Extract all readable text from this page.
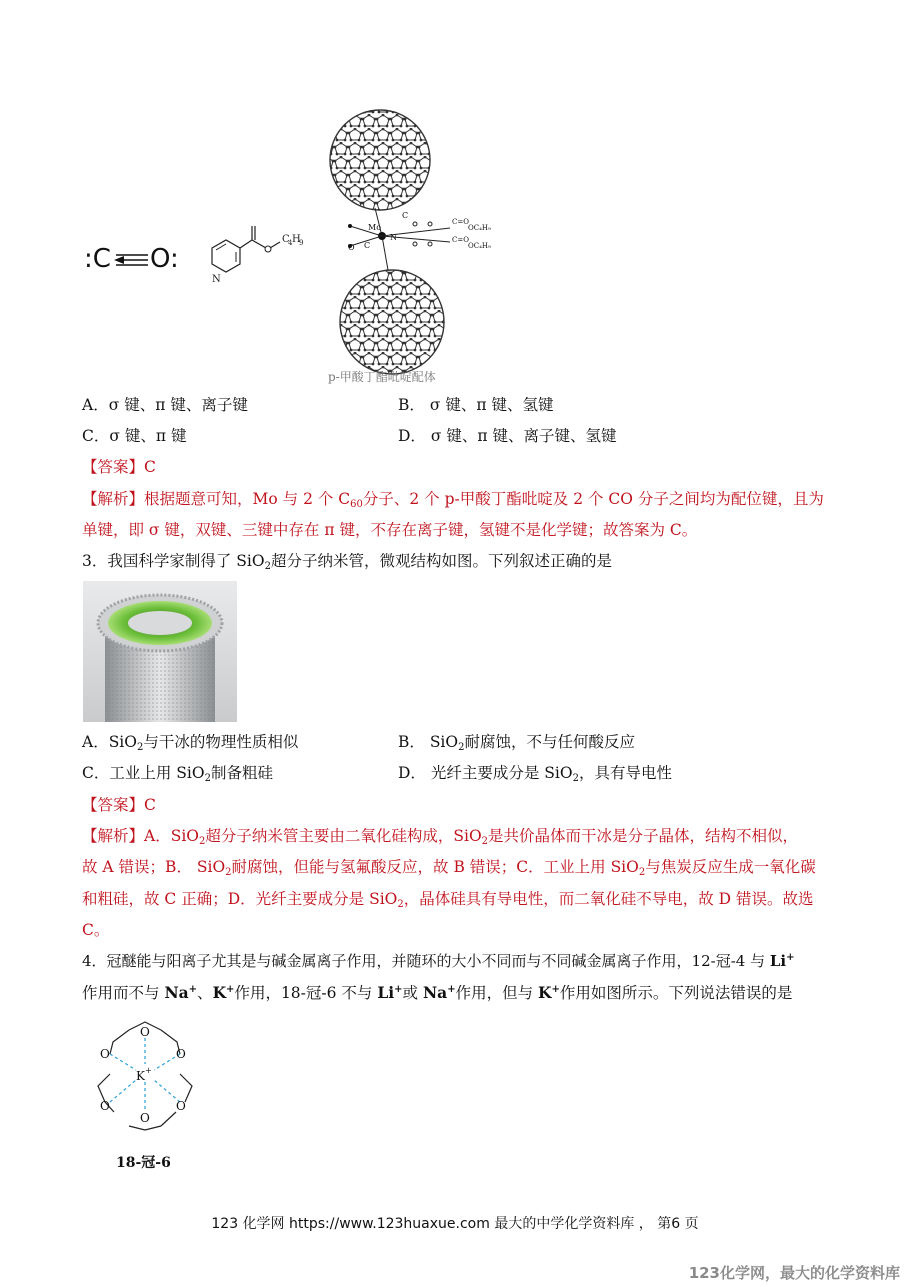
:C O:
N
C
4 H
9
Mo
N
C
C
O
C=O
OC₄H₉
C=O
OC₄H₉
p-甲酸丁酯吡啶配体
A．σ 键、π 键、离子键	B． σ 键、π 键、氢键
C．σ 键、π 键	D． σ 键、π 键、离子键、氢键
【答案】C
【解析】根据题意可知，Mo 与 2 个 $C_{60}$分子、2 个 p-甲酸丁酯吡啶及 2 个 CO 分子之间均为配位键，且为
单键，即 σ 键，双键、三键中存在 π 键，不存在离子键，氢键不是化学键；故答案为 C。
3．我国科学家制得了 SiO$_2$超分子纳米管，微观结构如图。下列叙述正确的是
A．SiO$_2$与干冰的物理性质相似	B． SiO$_2$耐腐蚀，不与任何酸反应
C．工业上用 SiO$_2$制备粗硅	D． 光纤主要成分是 SiO$_2$，具有导电性
【答案】C
【解析】A．SiO$_2$超分子纳米管主要由二氧化硅构成，SiO$_2$是共价晶体而干冰是分子晶体，结构不相似，
故 A 错误；B． SiO$_2$耐腐蚀，但能与氢氟酸反应，故 B 错误；C．工业上用 SiO$_2$与焦炭反应生成一氧化碳
和粗硅，故 C 正确；D．光纤主要成分是 SiO$_2$，晶体硅具有导电性，而二氧化硅不导电，故 D 错误。故选
C。
4．冠醚能与阳离子尤其是与碱金属离子作用，并随环的大小不同而与不同碱金属离子作用，12-冠-4 与 Li+
作用而不与 Na+、K+作用，18-冠-6 不与 Li+或 Na+作用，但与 K+作用如图所示。下列说法错误的是
O
O
O
O
O
O
K +
18-冠-6
123 化学网 https://www.123huaxue.com 最大的中学化学资料库 ， 第6 页
123化学网，最大的化学资料库
